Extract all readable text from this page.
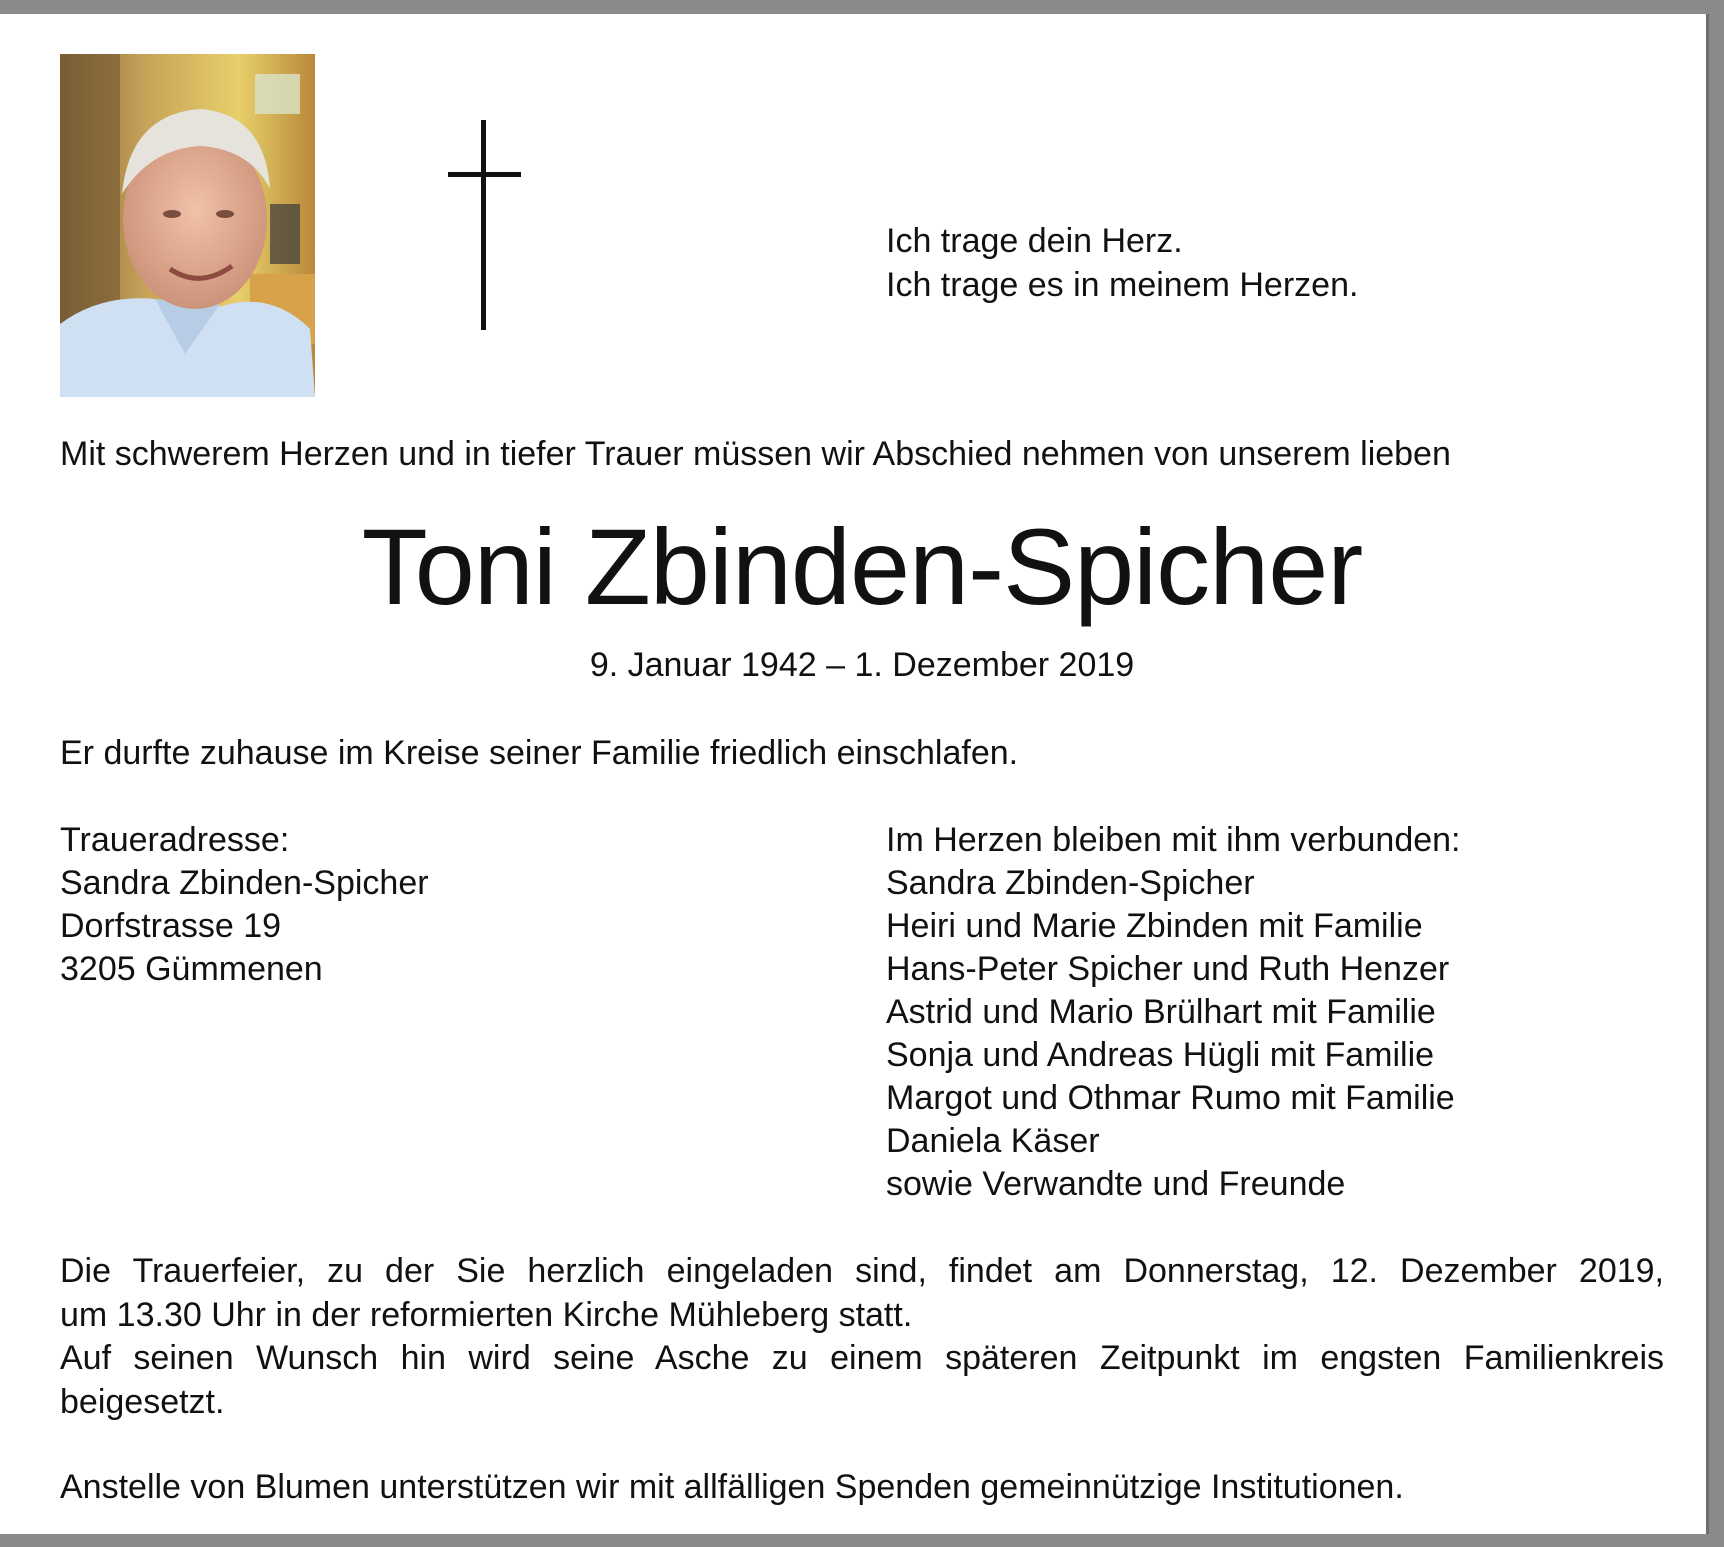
Ich trage dein Herz.
Ich trage es in meinem Herzen.
Mit schwerem Herzen und in tiefer Trauer müssen wir Abschied nehmen von unserem lieben
Toni Zbinden-Spicher
9. Januar 1942 – 1. Dezember 2019
Er durfte zuhause im Kreise seiner Familie friedlich einschlafen.
Traueradresse:
Sandra Zbinden-Spicher
Dorfstrasse 19
3205 Gümmenen
Im Herzen bleiben mit ihm verbunden:
Sandra Zbinden-Spicher
Heiri und Marie Zbinden mit Familie
Hans-Peter Spicher und Ruth Henzer
Astrid und Mario Brülhart mit Familie
Sonja und Andreas Hügli mit Familie
Margot und Othmar Rumo mit Familie
Daniela Käser
sowie Verwandte und Freunde
Die Trauerfeier, zu der Sie herzlich eingeladen sind, findet am Donnerstag, 12. Dezember 2019,
um 13.30 Uhr in der reformierten Kirche Mühleberg statt.
Auf seinen Wunsch hin wird seine Asche zu einem späteren Zeitpunkt im engsten Familienkreis
beigesetzt.
Anstelle von Blumen unterstützen wir mit allfälligen Spenden gemeinnützige Institutionen.
